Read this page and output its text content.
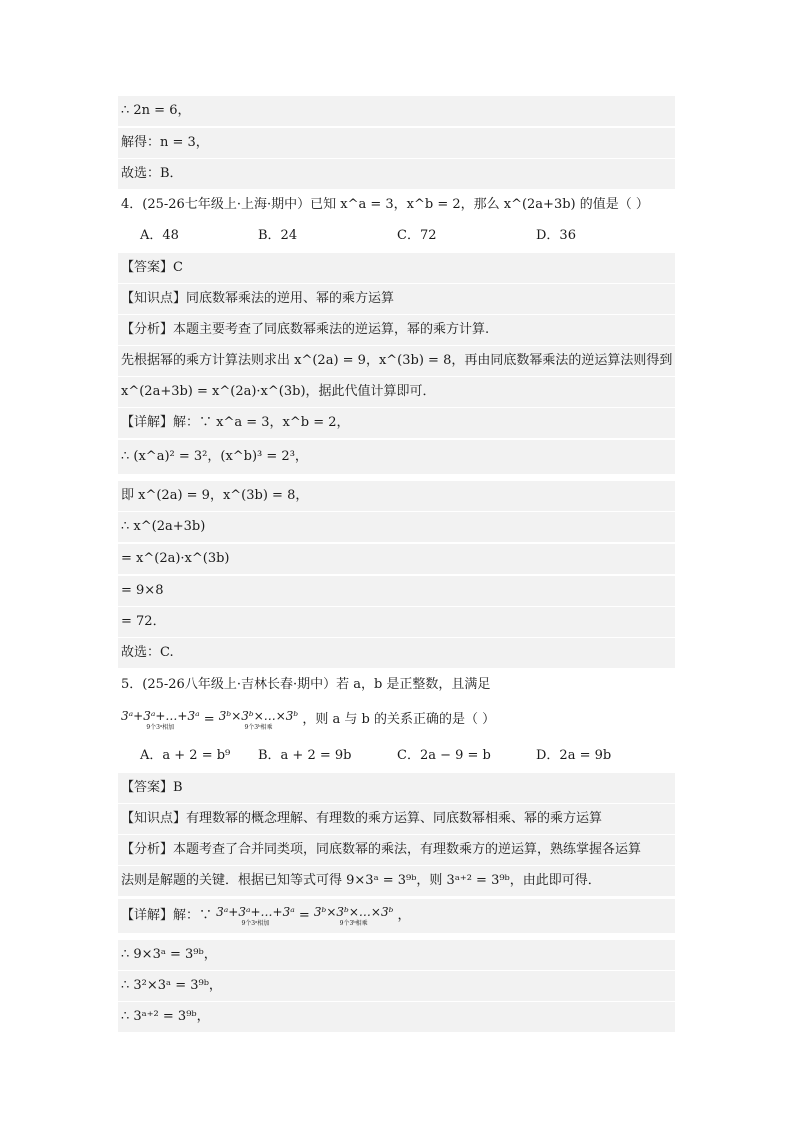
∴ 2n = 6，
解得：n = 3，
故选：B．
4．(25-26七年级上·上海·期中）已知 x^a = 3，x^b = 2，那么 x^(2a+3b) 的值是（ ）
A．48	B．24	C．72	D．36
【答案】C
【知识点】同底数幂乘法的逆用、幂的乘方运算
【分析】本题主要考查了同底数幂乘法的逆运算，幂的乘方计算.
先根据幂的乘方计算法则求出 x^(2a) = 9，x^(3b) = 8，再由同底数幂乘法的逆运算法则得到
x^(2a+3b) = x^(2a)·x^(3b)，据此代值计算即可．
【详解】解：∵ x^a = 3，x^b = 2，
∴ (x^a)² = 3²，(x^b)³ = 2³，
即 x^(2a) = 9，x^(3b) = 8，
∴ x^(2a+3b)
= x^(2a)·x^(3b)
= 9×8
= 72．
故选：C.
5．(25-26八年级上·吉林长春·期中）若 a，b 是正整数，且满足
3ᵃ+3ᵃ+…+3ᵃ
9个3ᵃ相加
= 3ᵇ×3ᵇ×…×3ᵇ
9个3ᵇ相乘
，则 a 与 b 的关系正确的是（ ）
A．a + 2 = b⁹ B．a + 2 = 9b	C．2a − 9 = b	D．2a = 9b
【答案】B
【知识点】有理数幂的概念理解、有理数的乘方运算、同底数幂相乘、幂的乘方运算
【分析】本题考查了合并同类项，同底数幂的乘法，有理数乘方的逆运算，熟练掌握各运算
法则是解题的关键．根据已知等式可得 9×3ᵃ = 3⁹ᵇ，则 3ᵃ⁺² = 3⁹ᵇ，由此即可得．
【详解】解：∵ 3ᵃ+3ᵃ+…+3ᵃ
9个3ᵃ相加
= 3ᵇ×3ᵇ×…×3ᵇ
9个3ᵇ相乘
，
∴ 9×3ᵃ = 3⁹ᵇ，
∴ 3²×3ᵃ = 3⁹ᵇ，
∴ 3ᵃ⁺² = 3⁹ᵇ，
